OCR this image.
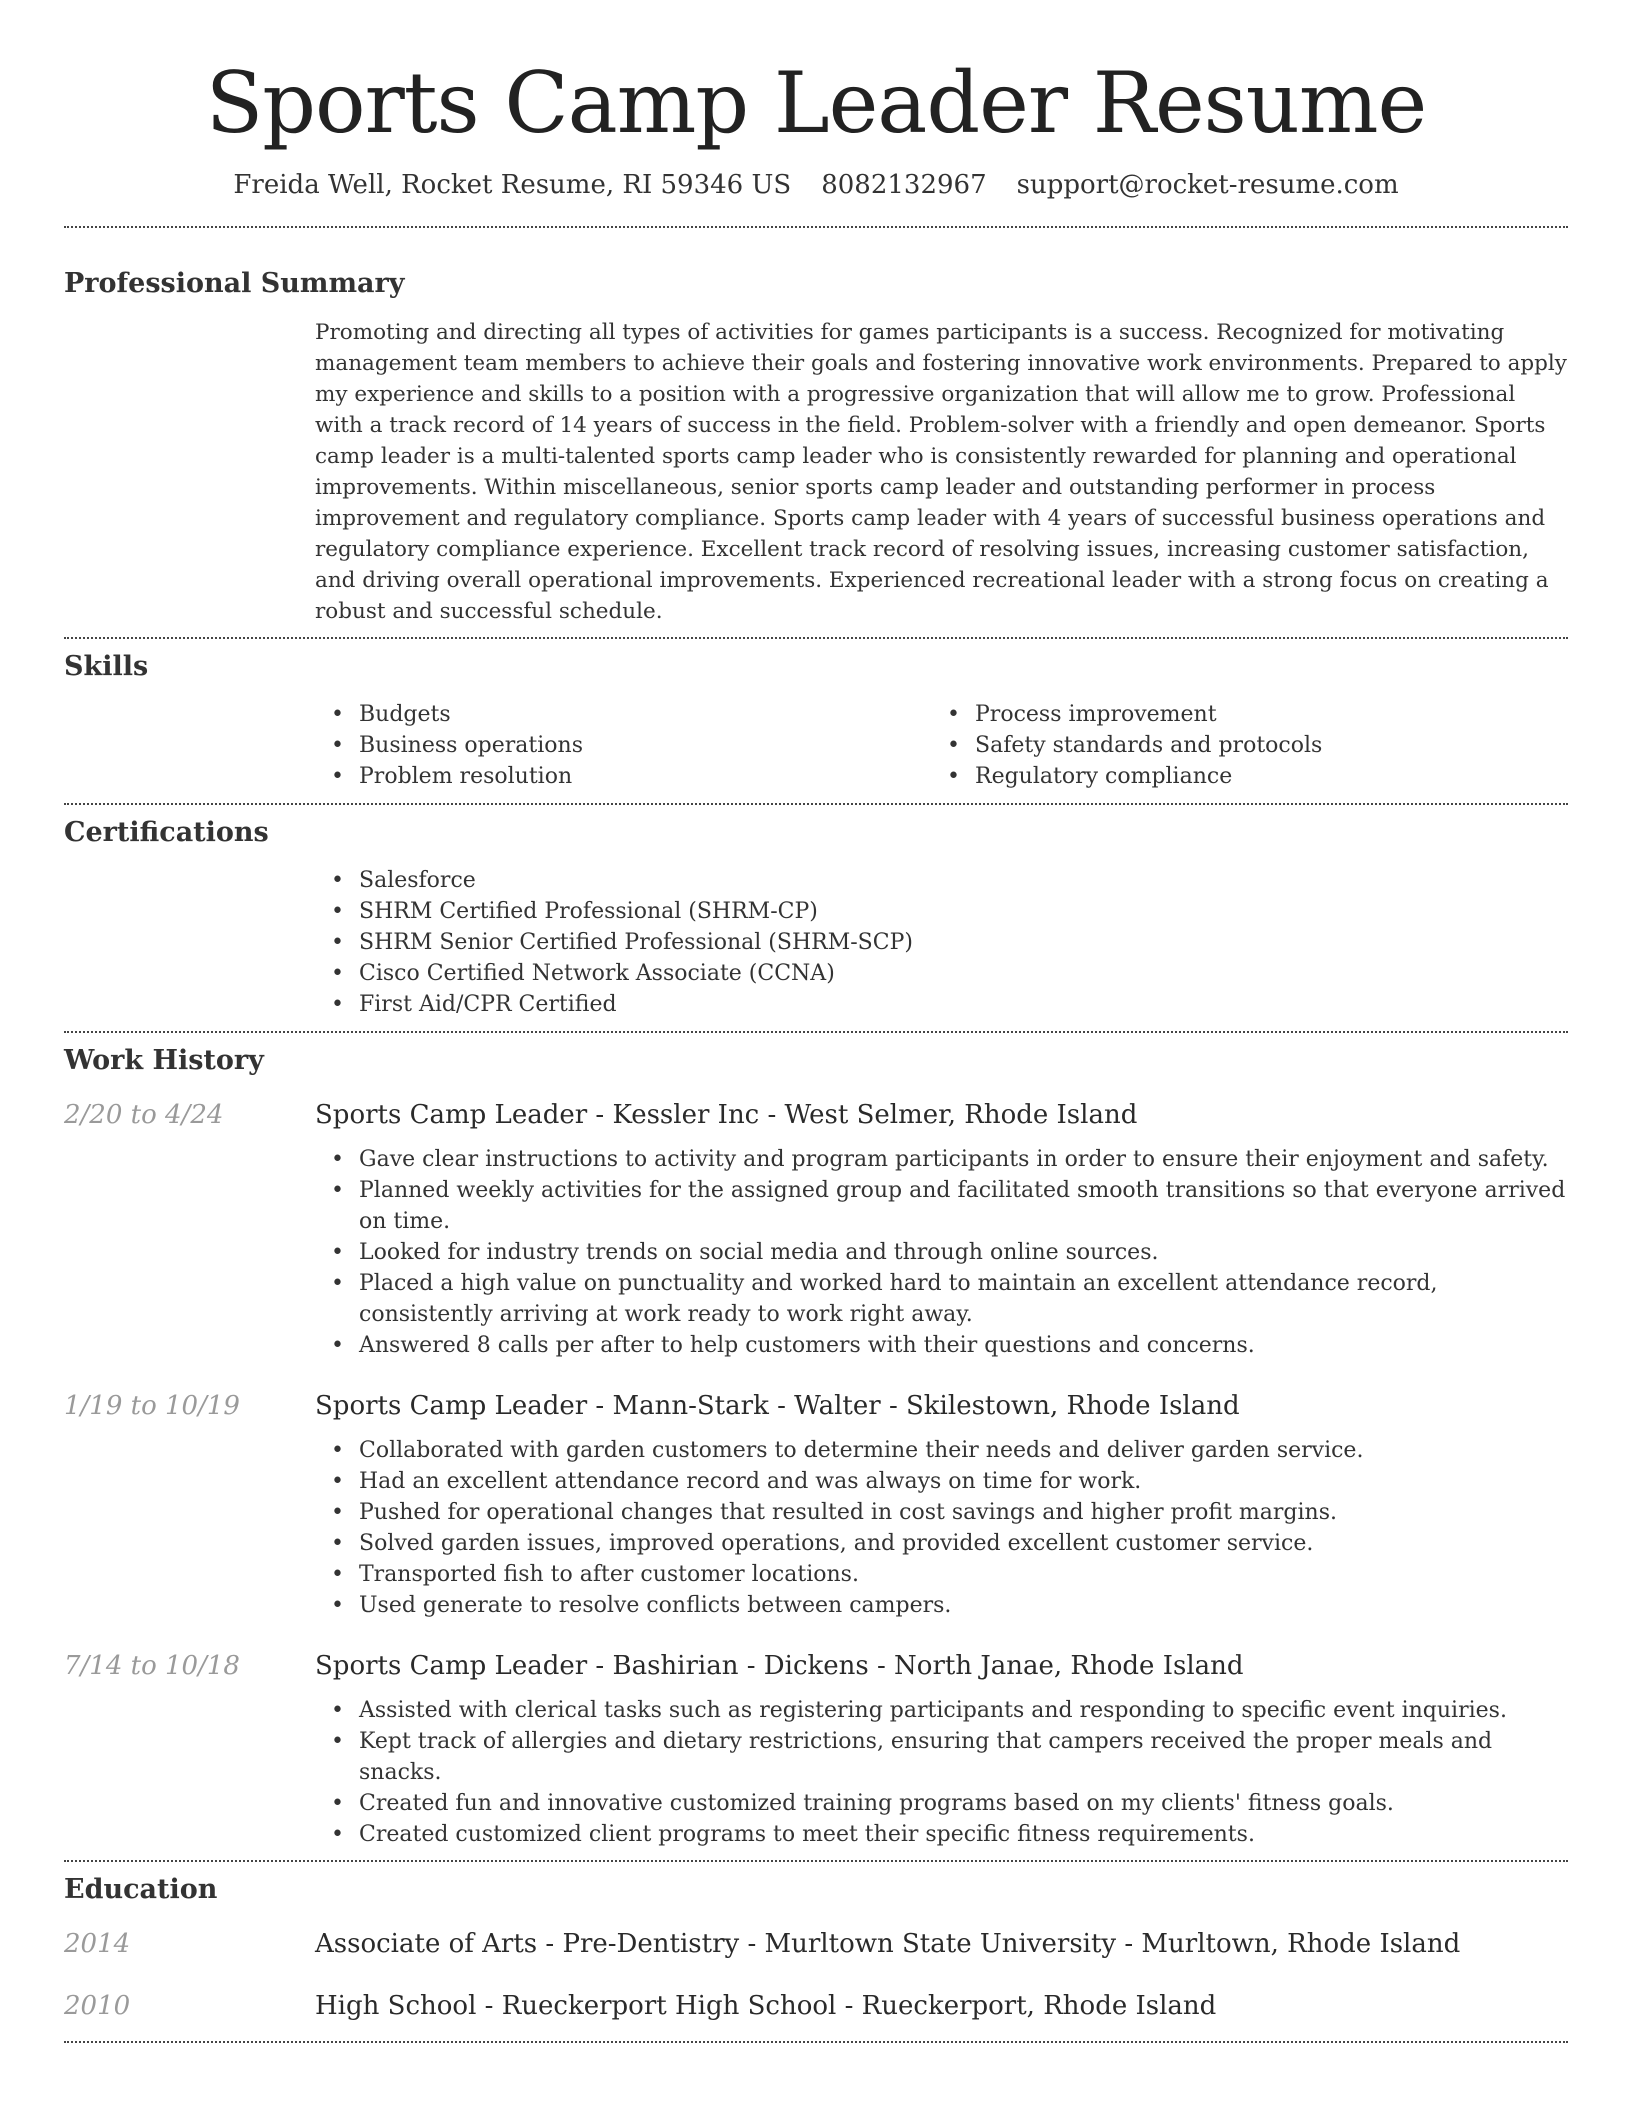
Sports Camp Leader Resume
Freida Well, Rocket Resume, RI 59346 US 8082132967 support@rocket-resume.com
Professional Summary

Promoting and directing all types of activities for games participants is a success. Recognized for motivating management team members to achieve their goals and fostering innovative work environments. Prepared to apply my experience and skills to a position with a progressive organization that will allow me to grow. Professional with a track record of 14 years of success in the field. Problem-solver with a friendly and open demeanor. Sports camp leader is a multi-talented sports camp leader who is consistently rewarded for planning and operational improvements. Within miscellaneous, senior sports camp leader and outstanding performer in process improvement and regulatory compliance. Sports camp leader with 4 years of successful business operations and regulatory compliance experience. Excellent track record of resolving issues, increasing customer satisfaction, and driving overall operational improvements. Experienced recreational leader with a strong focus on creating a robust and successful schedule.

Skills
• Budgets
• Business operations
• Problem resolution
• Process improvement
• Safety standards and protocols
• Regulatory compliance
Certifications
• Salesforce
• SHRM Certified Professional (SHRM-CP)
• SHRM Senior Certified Professional (SHRM-SCP)
• Cisco Certified Network Associate (CCNA)
• First Aid/CPR Certified
Work History
2/20 to 4/24	Sports Camp Leader - Kessler Inc - West Selmer, Rhode Island
• Gave clear instructions to activity and program participants in order to ensure their enjoyment and safety.
• Planned weekly activities for the assigned group and facilitated smooth transitions so that everyone arrived on time.
• Looked for industry trends on social media and through online sources.
• Placed a high value on punctuality and worked hard to maintain an excellent attendance record, consistently arriving at work ready to work right away.
• Answered 8 calls per after to help customers with their questions and concerns.
1/19 to 10/19	Sports Camp Leader - Mann-Stark - Walter - Skilestown, Rhode Island
• Collaborated with garden customers to determine their needs and deliver garden service.
• Had an excellent attendance record and was always on time for work.
• Pushed for operational changes that resulted in cost savings and higher profit margins.
• Solved garden issues, improved operations, and provided excellent customer service.
• Transported fish to after customer locations.
• Used generate to resolve conflicts between campers.
7/14 to 10/18	Sports Camp Leader - Bashirian - Dickens - North Janae, Rhode Island
• Assisted with clerical tasks such as registering participants and responding to specific event inquiries.
• Kept track of allergies and dietary restrictions, ensuring that campers received the proper meals and snacks.
• Created fun and innovative customized training programs based on my clients' fitness goals.
• Created customized client programs to meet their specific fitness requirements.
Education
2014	Associate of Arts - Pre-Dentistry - Murltown State University - Murltown, Rhode Island
2010	High School - Rueckerport High School - Rueckerport, Rhode Island
